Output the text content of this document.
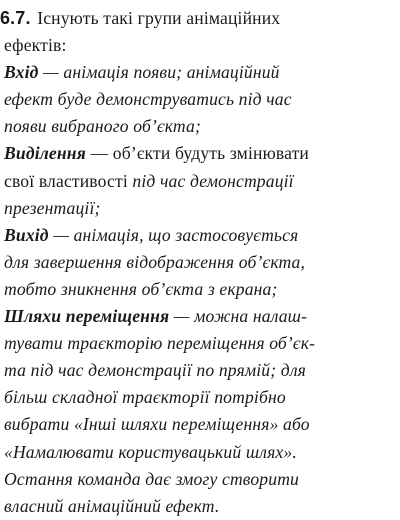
6.7. Існують такі групи анімаційних
ефектів:
Вхід — анімація появи; анімаційний
ефект буде демонструватись під час
появи вибраного об’єкта;
Виділення — об’єкти будуть змінювати
свої властивості під час демонстрації
презентації;
Вихід — анімація, що застосовується
для завершення відображення об’єкта,
тобто зникнення об’єкта з екрана;
Шляхи переміщення — можна налаш-
тувати траєкторію переміщення об’єк-
та під час демонстрації по прямій; для
більш складної траєкторії потрібно
вибрати «Інші шляхи переміщення» або
«Намалювати користувацький шлях».
Остання команда дає змогу створити
власний анімаційний ефект.
